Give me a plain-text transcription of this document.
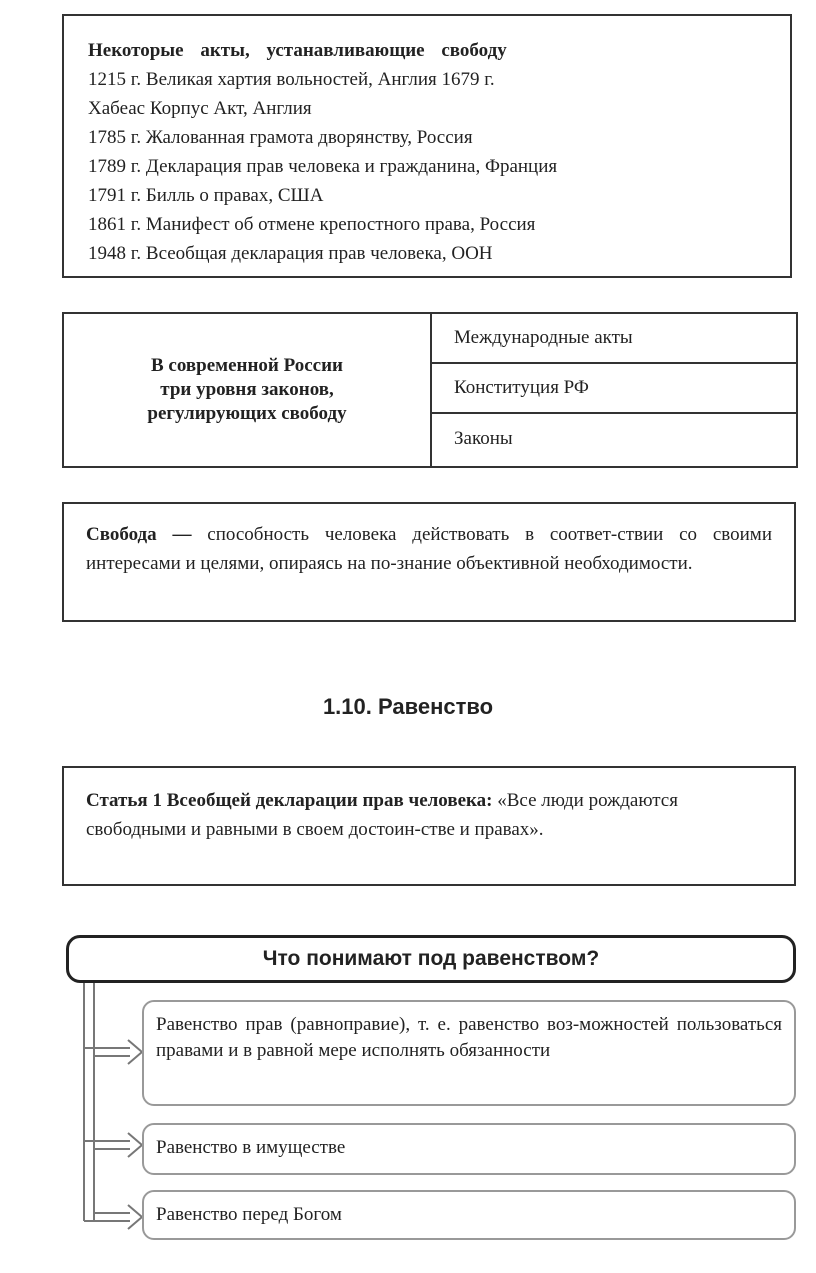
Некоторые акты, устанавливающие свободу
1215 г. Великая хартия вольностей, Англия 1679 г.
Хабеас Корпус Акт, Англия
1785 г. Жалованная грамота дворянству, Россия
1789 г. Декларация прав человека и гражданина, Франция
1791 г. Билль о правах, США
1861 г. Манифест об отмене крепостного права, Россия
1948 г. Всеобщая декларация прав человека, ООН
В современной России
три уровня законов,
регулирующих свободу
Международные акты
Конституция РФ
Законы
Свобода — способность человека действовать в соответ-ствии со своими интересами и целями, опираясь на по-знание объективной необходимости.
1.10. Равенство
Статья 1 Всеобщей декларации прав человека: «Все люди рождаются свободными и равными в своем достоин-стве и правах».
Что понимают под равенством?
Равенство прав (равноправие), т. е. равенство воз-можностей пользоваться правами и в равной мере исполнять обязанности
Равенство в имуществе
Равенство перед Богом
